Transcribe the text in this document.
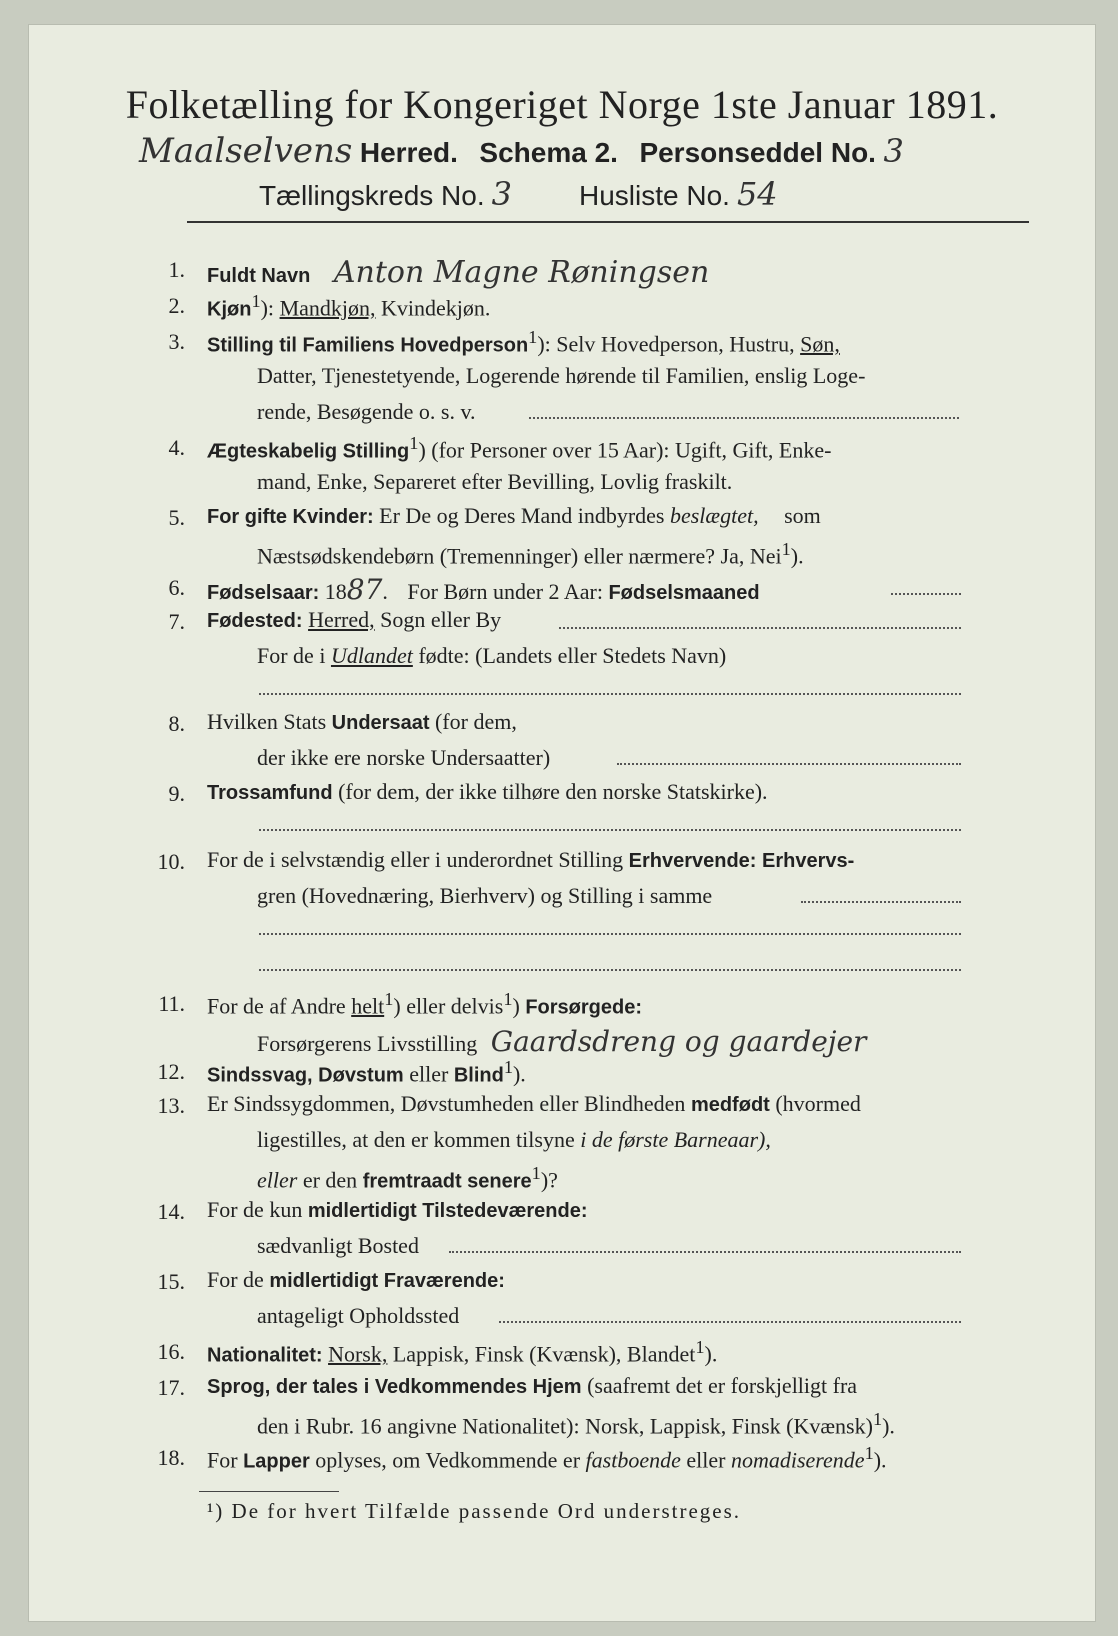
Folketælling for Kongeriget Norge 1ste Januar 1891.
Maalselvens Herred. Schema 2. Personseddel No. 3
Tællingskreds No. 3 Husliste No. 54
1. Fuldt Navn Anton Magne Røningsen
2. Kjøn$^1$): Mandkjøn, Kvindekjøn.
3. Stilling til Familiens Hovedperson$^1$): Selv Hovedperson, Hustru, Søn,
Datter, Tjenestetyende, Logerende hørende til Familien, enslig Loge-
rende, Besøgende o. s. v.
4. Ægteskabelig Stilling$^1$) (for Personer over 15 Aar): Ugift, Gift, Enke-
mand, Enke, Separeret efter Bevilling, Lovlig fraskilt.
5. For gifte Kvinder: Er De og Deres Mand indbyrdes beslægtet, som
Næstsødskendebørn (Tremenninger) eller nærmere? Ja, Nei$^1$).
6. Fødselsaar: 1887. For Børn under 2 Aar: Fødselsmaaned
7. Fødested: Herred, Sogn eller By
For de i Udlandet fødte: (Landets eller Stedets Navn)
8. Hvilken Stats Undersaat (for dem,
der ikke ere norske Undersaatter)
9. Trossamfund (for dem, der ikke tilhøre den norske Statskirke).
10. For de i selvstændig eller i underordnet Stilling Erhvervende: Erhvervs-
gren (Hovednæring, Bierhverv) og Stilling i samme
11. For de af Andre helt$^1$) eller delvis$^1$) Forsørgede:
Forsørgerens Livsstilling Gaardsdreng og gaardejer
12. Sindssvag, Døvstum eller Blind$^1$).
13. Er Sindssygdommen, Døvstumheden eller Blindheden medfødt (hvormed
ligestilles, at den er kommen tilsyne i de første Barneaar),
eller er den fremtraadt senere$^1$)?
14. For de kun midlertidigt Tilstedeværende:
sædvanligt Bosted
15. For de midlertidigt Fraværende:
antageligt Opholdssted
16. Nationalitet: Norsk, Lappisk, Finsk (Kvænsk), Blandet$^1$).
17. Sprog, der tales i Vedkommendes Hjem (saafremt det er forskjelligt fra
den i Rubr. 16 angivne Nationalitet): Norsk, Lappisk, Finsk (Kvænsk)$^1$).
18. For Lapper oplyses, om Vedkommende er fastboende eller nomadiserende$^1$).
¹) De for hvert Tilfælde passende Ord understreges.
